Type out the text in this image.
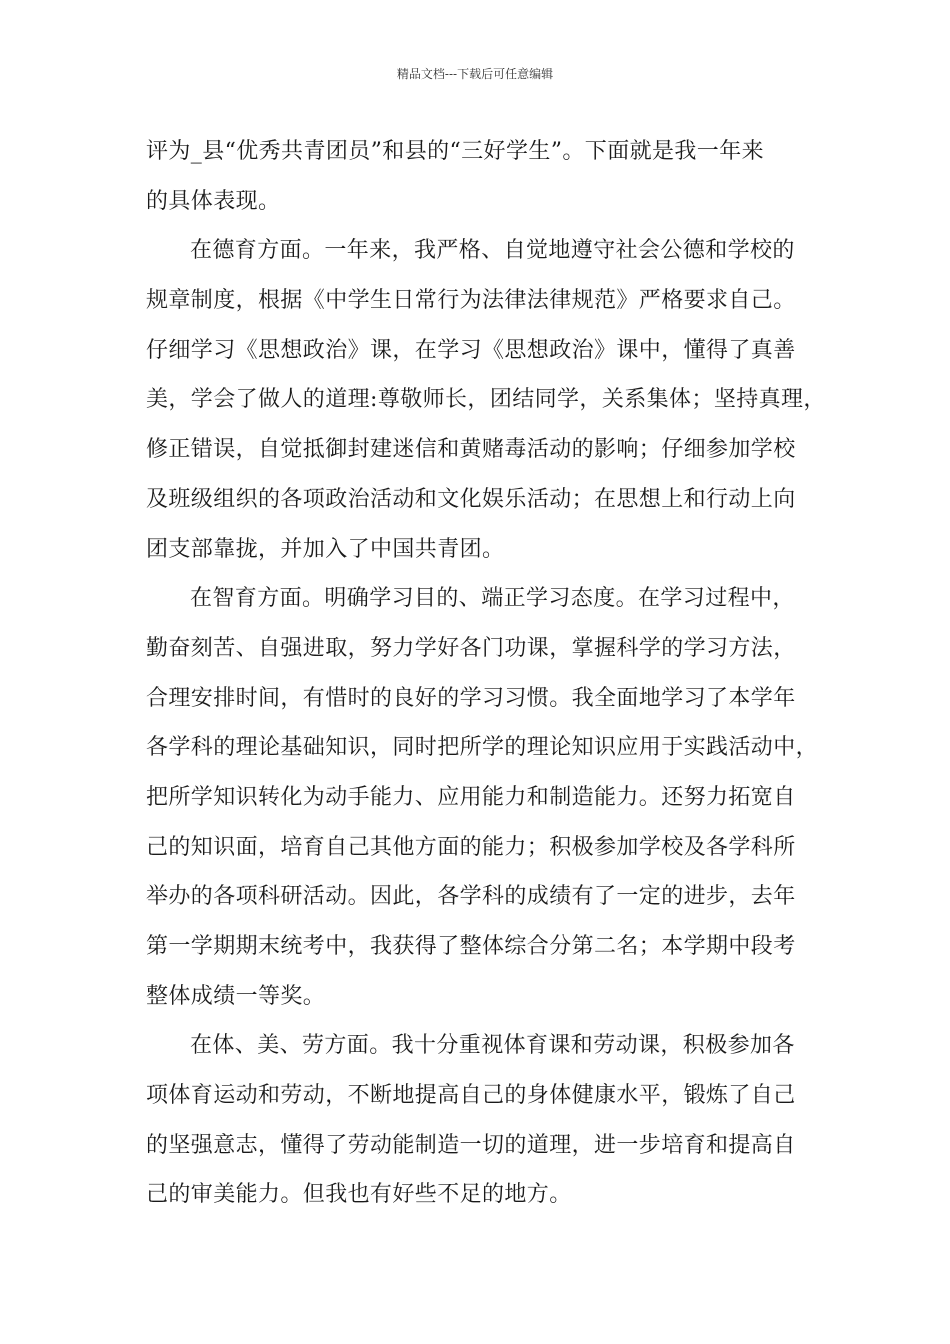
精品文档---下载后可任意编辑
评为_县“优秀共青团员”和县的“三好学生”。下面就是我一年来
的具体表现。
在德育方面。一年来，我严格、自觉地遵守社会公德和学校的
规章制度，根据《中学生日常行为法律法律规范》严格要求自己。
仔细学习《思想政治》课，在学习《思想政治》课中，懂得了真善
美，学会了做人的道理:尊敬师长，团结同学，关系集体；坚持真理，
修正错误，自觉抵御封建迷信和黄赌毒活动的影响；仔细参加学校
及班级组织的各项政治活动和文化娱乐活动；在思想上和行动上向
团支部靠拢，并加入了中国共青团。
在智育方面。明确学习目的、端正学习态度。在学习过程中，
勤奋刻苦、自强进取，努力学好各门功课，掌握科学的学习方法，
合理安排时间，有惜时的良好的学习习惯。我全面地学习了本学年
各学科的理论基础知识，同时把所学的理论知识应用于实践活动中，
把所学知识转化为动手能力、应用能力和制造能力。还努力拓宽自
己的知识面，培育自己其他方面的能力；积极参加学校及各学科所
举办的各项科研活动。因此，各学科的成绩有了一定的进步，去年
第一学期期末统考中，我获得了整体综合分第二名；本学期中段考
整体成绩一等奖。
在体、美、劳方面。我十分重视体育课和劳动课，积极参加各
项体育运动和劳动，不断地提高自己的身体健康水平，锻炼了自己
的坚强意志，懂得了劳动能制造一切的道理，进一步培育和提高自
己的审美能力。但我也有好些不足的地方。
